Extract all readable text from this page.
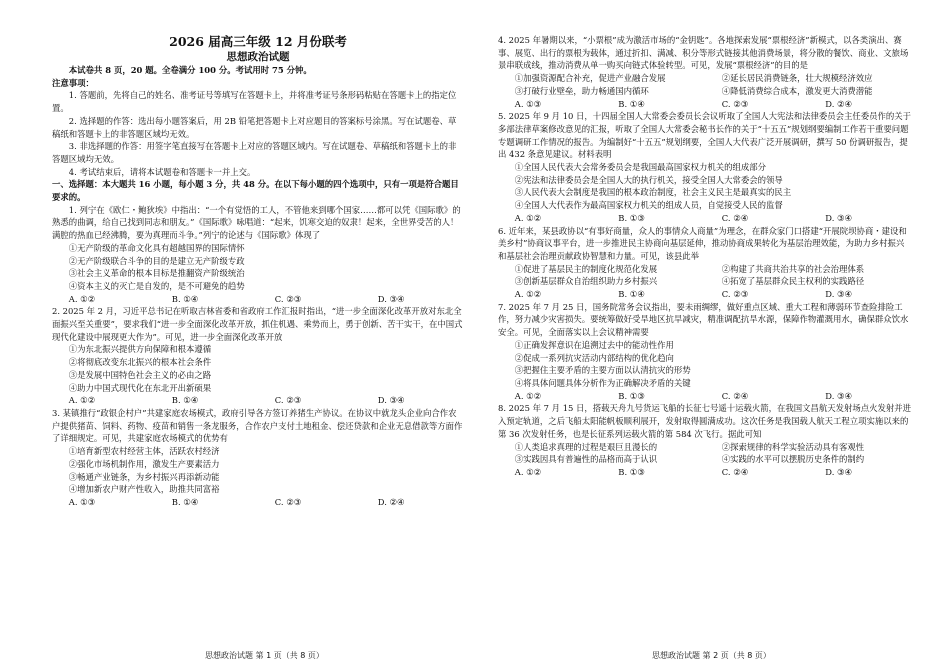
2026 届高三年级 12 月份联考

思想政治试题

本试卷共 8 页，20 题。全卷满分 100 分。考试用时 75 分钟。

注意事项：

1. 答题前，先将自己的姓名、准考证号等填写在答题卡上，并将准考证号条形码粘贴在答题卡上的指定位置。

2. 选择题的作答：选出每小题答案后，用 2B 铅笔把答题卡上对应题目的答案标号涂黑。写在试题卷、草稿纸和答题卡上的非答题区域均无效。

3. 非选择题的作答：用签字笔直接写在答题卡上对应的答题区域内。写在试题卷、草稿纸和答题卡上的非答题区域均无效。

4. 考试结束后，请将本试题卷和答题卡一并上交。

一、选择题：本大题共 16 小题，每小题 3 分，共 48 分。在以下每小题的四个选项中，只有一项是符合题目要求的。

1. 列宁在《欧仁・鲍狄埃》中指出：“一个有觉悟的工人，不管他来到哪个国家……都可以凭《国际歌》的熟悉的曲调，给自己找到同志和朋友。”《国际歌》咏唱道：“起来，饥寒交迫的奴隶！起来，全世界受苦的人！满腔的热血已经沸腾，要为真理而斗争。”列宁的论述与《国际歌》体现了

①无产阶级的革命文化具有超越国界的国际情怀

②无产阶级联合斗争的目的是建立无产阶级专政

③社会主义革命的根本目标是推翻资产阶级统治

④资本主义的灭亡是自发的，是不可避免的趋势

A. ①②	B. ①④	C. ②③	D. ③④

2. 2025 年 2 月，习近平总书记在听取吉林省委和省政府工作汇报时指出，“进一步全面深化改革开放对东北全面振兴至关重要”，要求我们“进一步全面深化改革开放，抓住机遇、乘势而上，勇于创新、苦干实干，在中国式现代化建设中展现更大作为”。可见，进一步全面深化改革开放

①为东北振兴提供方向保障和根本遵循

②将彻底改变东北振兴的根本社会条件

③是发展中国特色社会主义的必由之路

④助力中国式现代化在东北开出新硕果

A. ①②	B. ①④	C. ②③	D. ③④

3. 某镇推行“政银企村户”共建家庭农场模式，政府引导各方签订养猪生产协议。在协议中就龙头企业向合作农户提供猪苗、饲料、药物、疫苗和销售一条龙服务，合作农户支付土地租金、偿还贷款和企业无息借款等方面作了详细规定。可见，共建家庭农场模式的优势有

①培育新型农村经营主体，活跃农村经济

②强化市场机制作用，激发生产要素活力

③畅通产业链条，为乡村振兴再添新动能

④增加新农户财产性收入，助推共同富裕

A. ①③	B. ①④	C. ②③	D. ②④

4. 2025 年暑期以来，“小票根”成为激活市场的“金钥匙”。各地探索发展“票根经济”新模式，以各类演出、赛事、展览、出行的票根为载体，通过折扣、满减、积分等形式链接其他消费场景，将分散的餐饮、商业、文旅场景串联成线，推动消费从单一购买向链式体验转型。可见，发展“票根经济”的目的是

①加强资源配合补充，促进产业融合发展	②延长居民消费链条，壮大规模经济效应
③打破行业壁垒，助力畅通国内循环	④降低消费综合成本，激发更大消费潜能
A. ①③	B. ①④	C. ②③	D. ②④

5. 2025 年 9 月 10 日，十四届全国人大常委会委员长会议听取了全国人大宪法和法律委员会主任委员作的关于多部法律草案修改意见的汇报，听取了全国人大常委会秘书长作的关于“十五五”规划纲要编制工作若干重要问题专题调研工作情况的报告。为编制好“十五五”规划纲要，全国人大代表广泛开展调研，撰写 50 份调研报告，提出 432 条意见建议。材料表明

①全国人民代表大会常务委员会是我国最高国家权力机关的组成部分

②宪法和法律委员会是全国人大的执行机关，接受全国人大常委会的领导

③人民代表大会制度是我国的根本政治制度，社会主义民主是最真实的民主

④全国人大代表作为最高国家权力机关的组成人员，自觉接受人民的监督

A. ①②	B. ①③	C. ②④	D. ③④

6. 近年来，某县政协以“有事好商量，众人的事情众人商量”为理念，在群众家门口搭建“开展院坝协商・建设和美乡村”协商议事平台，进一步推进民主协商向基层延伸，推动协商成果转化为基层治理效能，为助力乡村振兴和基层社会治理贡献政协智慧和力量。可见，该县此举

①促进了基层民主的制度化规范化发展	②构建了共商共治共享的社会治理体系
③创新基层群众自治组织助力乡村振兴	④拓宽了基层群众民主权利的实践路径
A. ①②	B. ①④	C. ②③	D. ③④

7. 2025 年 7 月 25 日，国务院常务会议指出，要未雨绸缪，做好重点区域、重大工程和薄弱环节查险排险工作，努力减少灾害损失。要统筹做好受旱地区抗旱减灾，精准调配抗旱水源，保障作物灌溉用水，确保群众饮水安全。可见，全面落实以上会议精神需要

①正确发挥意识在追溯过去中的能动性作用

②促成一系列抗灾活动内部结构的优化趋向

③把握住主要矛盾的主要方面以认清抗灾的形势

④将具体问题具体分析作为正确解决矛盾的关键

A. ①②	B. ①③	C. ②④	D. ③④

8. 2025 年 7 月 15 日，搭载天舟九号货运飞船的长征七号遥十运载火箭，在我国文昌航天发射场点火发射并进入预定轨道，之后飞船太阳能帆板顺利展开，发射取得圆满成功。这次任务是我国载人航天工程立项实施以来的第 36 次发射任务，也是长征系列运载火箭的第 584 次飞行。据此可知

①人类追求真理的过程是艰巨且漫长的	②探索规律的科学实验活动具有客观性
③实践因具有普遍性的品格而高于认识	④实践的水平可以摆脱历史条件的制约
A. ①②	B. ①③	C. ②④	D. ③④
思想政治试题 第 1 页（共 8 页）	思想政治试题 第 2 页（共 8 页）
